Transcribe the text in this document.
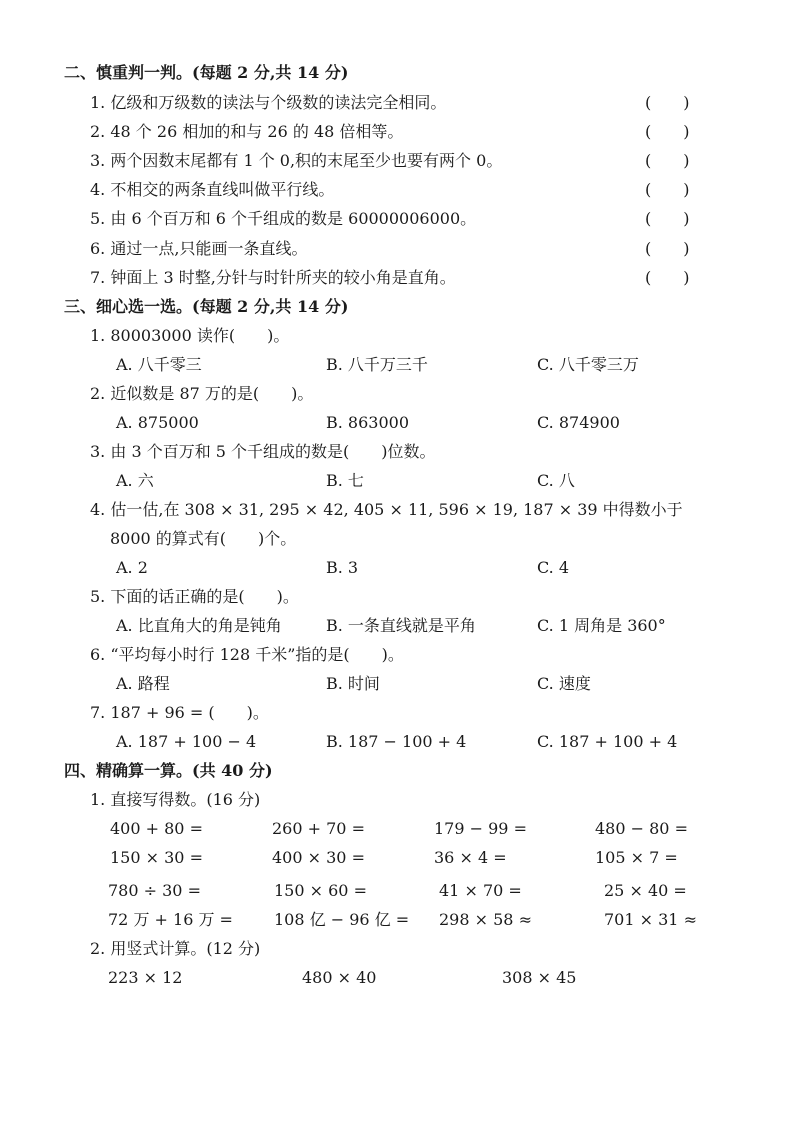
二、慎重判一判。(每题 2 分,共 14 分)
1. 亿级和万级数的读法与个级数的读法完全相同。	(　　)
2. 48 个 26 相加的和与 26 的 48 倍相等。	(　　)
3. 两个因数末尾都有 1 个 0,积的末尾至少也要有两个 0。	(　　)
4. 不相交的两条直线叫做平行线。	(　　)
5. 由 6 个百万和 6 个千组成的数是 60000006000。	(　　)
6. 通过一点,只能画一条直线。	(　　)
7. 钟面上 3 时整,分针与时针所夹的较小角是直角。	(　　)
三、细心选一选。(每题 2 分,共 14 分)
1. 80003000 读作(　　)。
A. 八千零三	B. 八千万三千	C. 八千零三万
2. 近似数是 87 万的是(　　)。
A. 875000	B. 863000	C. 874900
3. 由 3 个百万和 5 个千组成的数是(　　)位数。
A. 六	B. 七	C. 八
4. 估一估,在 308 × 31, 295 × 42, 405 × 11, 596 × 19, 187 × 39 中得数小于
8000 的算式有(　　)个。
A. 2	B. 3	C. 4
5. 下面的话正确的是(　　)。
A. 比直角大的角是钝角	B. 一条直线就是平角	C. 1 周角是 360°
6. “平均每小时行 128 千米”指的是(　　)。
A. 路程	B. 时间	C. 速度
7. 187 + 96 = (　　)。
A. 187 + 100 − 4	B. 187 − 100 + 4	C. 187 + 100 + 4
四、精确算一算。(共 40 分)
1. 直接写得数。(16 分)
400 + 80 =	260 + 70 =	179 − 99 =	480 − 80 =
150 × 30 =	400 × 30 =	36 × 4 =	105 × 7 =
780 ÷ 30 =	150 × 60 =	41 × 70 =	25 × 40 =
72 万 + 16 万 =	108 亿 − 96 亿 = 298 × 58 ≈	701 × 31 ≈
2. 用竖式计算。(12 分)
223 × 12	480 × 40	308 × 45
